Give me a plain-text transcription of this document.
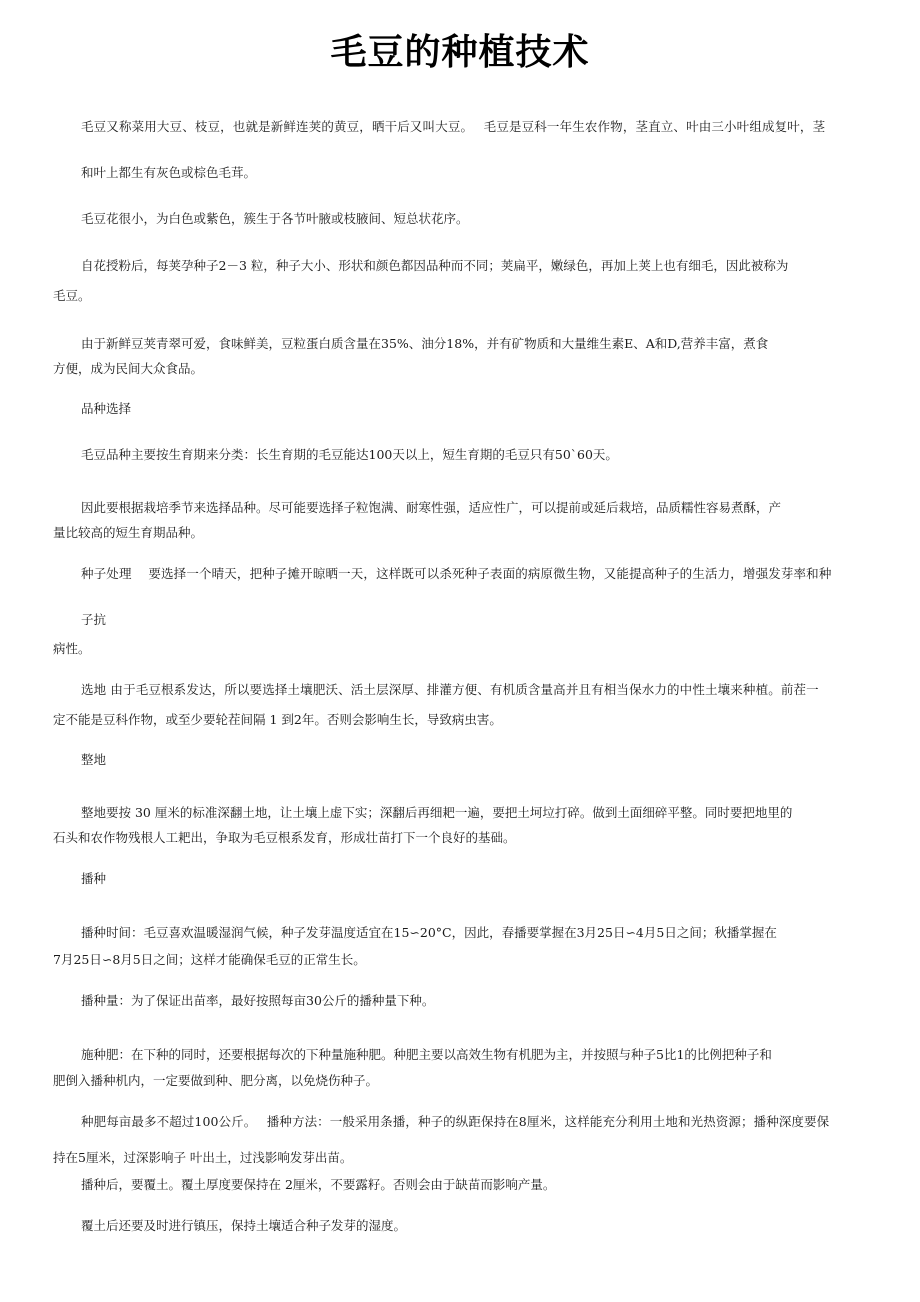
毛豆的种植技术
毛豆又称菜用大豆、枝豆，也就是新鲜连荚的黄豆，晒干后又叫大豆。　 毛豆是豆科一年生农作物，茎直立、叶由三小叶组成复叶，茎
和叶上都生有灰色或棕色毛茸。
毛豆花很小，为白色或紫色，簇生于各节叶腋或枝腋间、短总状花序。
自花授粉后，每荚孕种子2－3 粒，种子大小、形状和颜色都因品种而不同；荚扁平，嫩绿色，再加上荚上也有细毛，因此被称为
毛豆。
由于新鲜豆荚青翠可爱，食味鲜美，豆粒蛋白质含量在35%、油分18%，并有矿物质和大量维生素E、A和D,营养丰富，煮食
方便，成为民间大众食品。
品种选择
毛豆品种主要按生育期来分类：长生育期的毛豆能达100天以上，短生育期的毛豆只有50`60天。
因此要根据栽培季节来选择品种。尽可能要选择子粒饱满、耐寒性强，适应性广，可以提前或延后栽培，品质糯性容易煮酥，产
量比较高的短生育期品种。
种子处理　 要选择一个晴天，把种子摊开晾晒一天，这样既可以杀死种子表面的病原微生物，又能提高种子的生活力，增强发芽率和种
子抗
病性。
选地 由于毛豆根系发达，所以要选择土壤肥沃、活土层深厚、排灌方便、有机质含量高并且有相当保水力的中性土壤来种植。前茬一
定不能是豆科作物，或至少要轮茬间隔 1 到2年。否则会影响生长，导致病虫害。
整地
整地要按 30 厘米的标准深翻土地，让土壤上虚下实；深翻后再细耙一遍，要把土坷垃打碎。做到土面细碎平整。同时要把地里的
石头和农作物残根人工耙出，争取为毛豆根系发育，形成壮苗打下一个良好的基础。
播种
播种时间：毛豆喜欢温暖湿润气候，种子发芽温度适宜在15∽20°C，因此，春播要掌握在3月25日∽4月5日之间；秋播掌握在
7月25日∽8月5日之间；这样才能确保毛豆的正常生长。
播种量：为了保证出苗率，最好按照每亩30公斤的播种量下种。
施种肥：在下种的同时，还要根据每次的下种量施种肥。种肥主要以高效生物有机肥为主，并按照与种子5比1的比例把种子和
肥倒入播种机内，一定要做到种、肥分离，以免烧伤种子。
种肥每亩最多不超过100公斤。　 播种方法：一般采用条播，种子的纵距保持在8厘米，这样能充分利用土地和光热资源；播种深度要保
持在5厘米，过深影响子 叶出土，过浅影响发芽出苗。
播种后，要覆土。覆土厚度要保持在 2厘米，不要露籽。否则会由于缺苗而影响产量。
覆土后还要及时进行镇压，保持土壤适合种子发芽的湿度。
